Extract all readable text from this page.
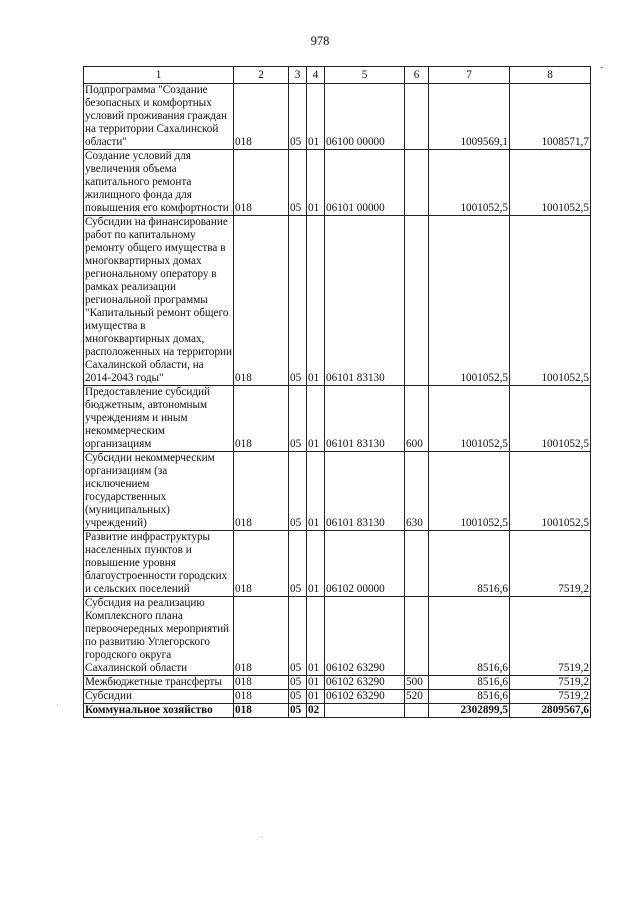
978
-
1	2	3	4	5	6	7	8
Подпрограмма "Создание безопасных и комфортных условий проживания граждан на территории Сахалинской области"	018	05	01	06100 00000		1009569,1	1008571,7
Создание условий для увеличения объема капитального ремонта жилищного фонда для повышения его комфортности	018	05	01	06101 00000		1001052,5	1001052,5
Субсидии на финансирование работ по капитальному ремонту общего имущества в многоквартирных домах региональному оператору в рамках реализации региональной программы "Капитальный ремонт общего имущества в многоквартирных домах, расположенных на территории Сахалинской области, на 2014-2043 годы"	018	05	01	06101 83130		1001052,5	1001052,5
Предоставление субсидий бюджетным, автономным учреждениям и иным некоммерческим организациям	018	05	01	06101 83130	600	1001052,5	1001052,5
Субсидии некоммерческим организациям (за исключением государственных (муниципальных) учреждений)	018	05	01	06101 83130	630	1001052,5	1001052,5
Развитие инфраструктуры населенных пунктов и повышение уровня благоустроенности городских и сельских поселений	018	05	01	06102 00000		8516,6	7519,2
Субсидия на реализацию Комплексного плана первоочередных мероприятий по развитию Углегорского городского округа Сахалинской области	018	05	01	06102 63290		8516,6	7519,2
Межбюджетные трансферты	018	05	01	06102 63290	500	8516,6	7519,2
Субсидии	018	05	01	06102 63290	520	8516,6	7519,2
Коммунальное хозяйство	018	05	02			2302899,5	2809567,6
·
·
